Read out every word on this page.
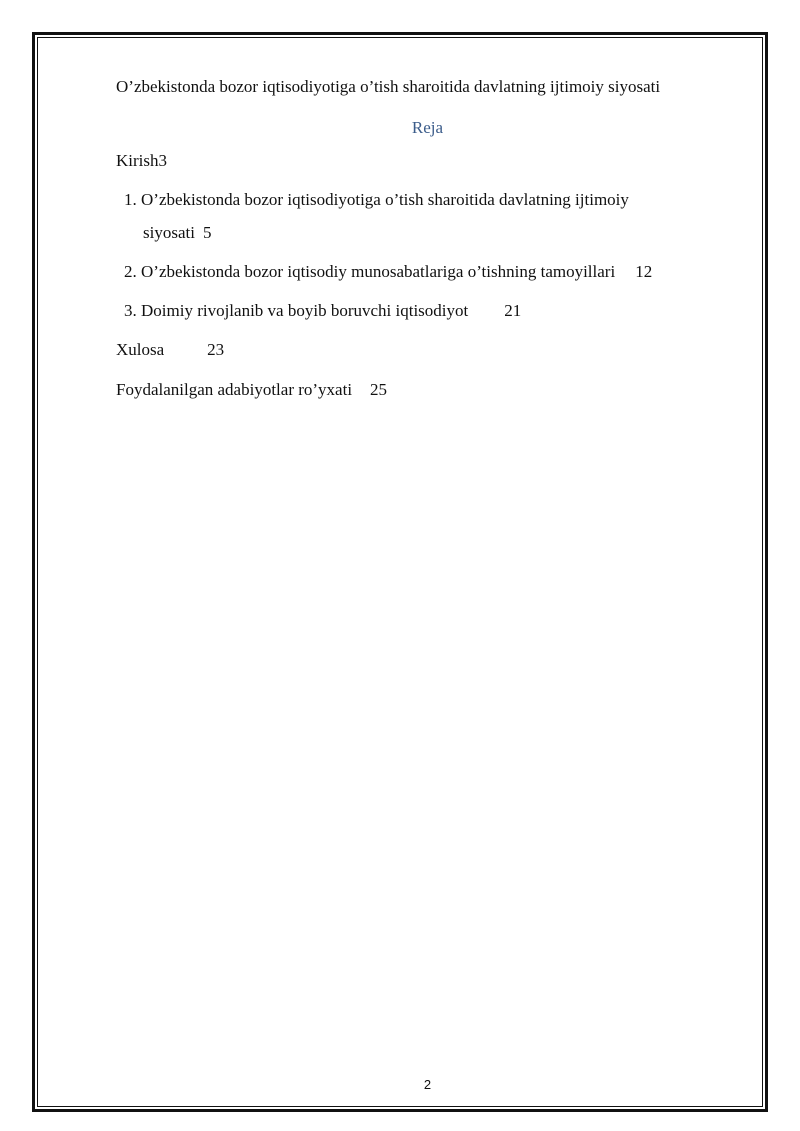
O’zbekistonda bozor iqtisodiyotiga o’tish sharoitida davlatning ijtimoiy siyosati
Reja
Kirish3
1. O’zbekistonda bozor iqtisodiyotiga o’tish sharoitida davlatning ijtimoiy
siyosati 5
2. O’zbekistonda bozor iqtisodiy munosabatlariga o’tishning tamoyillari 12
3. Doimiy rivojlanib va boyib boruvchi iqtisodiyot 21
Xulosa	23
Foydalanilgan adabiyotlar ro’yxati 25
2
